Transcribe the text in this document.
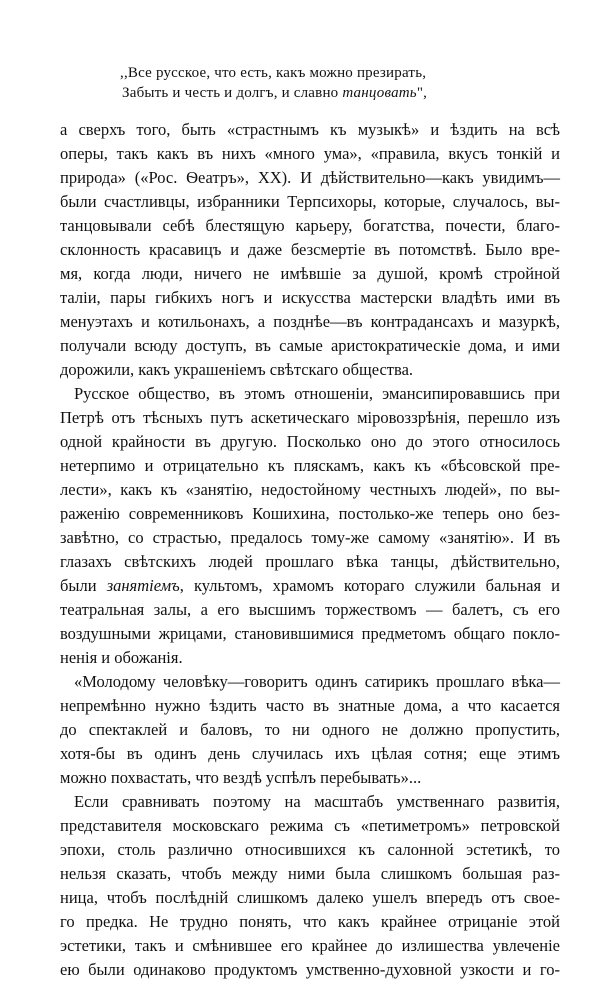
,,Все русское, что есть, какъ можно презирать,
Забыть и честь и долгъ, и славно танцовать",
а сверхъ того, быть «страстнымъ къ музыкѣ» и ѣздить на всѣ
оперы, такъ какъ въ нихъ «много ума», «правила, вкусъ тонкій и
природа» («Рос. Ѳеатръ», XX). И дѣйствительно—какъ увидимъ—
были счастливцы, избранники Терпсихоры, которые, случалось, вы-
танцовывали себѣ блестящую карьеру, богатства, почести, благо-
склонность красавицъ и даже безсмертіе въ потомствѣ. Было вре-
мя, когда люди, ничего не имѣвшіе за душой, кромѣ стройной
таліи, пары гибкихъ ногъ и искусства мастерски владѣть ими въ
менуэтахъ и котильонахъ, а позднѣе—въ контрадансахъ и мазуркѣ,
получали всюду доступъ, въ самые аристократическіе дома, и ими
дорожили, какъ украшеніемъ свѣтскаго общества.
Русское общество, въ этомъ отношеніи, эмансипировавшись при
Петрѣ отъ тѣсныхъ путъ аскетическаго міровоззрѣнія, перешло изъ
одной крайности въ другую. Посколько оно до этого относилось
нетерпимо и отрицательно къ пляскамъ, какъ къ «бѣсовской пре-
лести», какъ къ «занятію, недостойному честныхъ людей», по вы-
раженію современниковъ Кошихина, постолько-же теперь оно без-
завѣтно, со страстью, предалось тому-же самому «занятію». И въ
глазахъ свѣтскихъ людей прошлаго вѣка танцы, дѣйствительно,
были занятіемъ, культомъ, храмомъ котораго служили бальная и
театральная залы, а его высшимъ торжествомъ — балетъ, съ его
воздушными жрицами, становившимися предметомъ общаго покло-
ненія и обожанія.
«Молодому человѣку—говоритъ одинъ сатирикъ прошлаго вѣка—
непремѣнно нужно ѣздить часто въ знатные дома, а что касается
до спектаклей и баловъ, то ни одного не должно пропустить,
хотя-бы въ одинъ день случилась ихъ цѣлая сотня; еще этимъ
можно похвастать, что вездѣ успѣлъ перебывать»...
Если сравнивать поэтому на масштабъ умственнаго развитія,
представителя московскаго режима съ «петиметромъ» петровской
эпохи, столь различно относившихся къ салонной эстетикѣ, то
нельзя сказать, чтобъ между ними была слишкомъ большая раз-
ница, чтобъ послѣдній слишкомъ далеко ушелъ впередъ отъ свое-
го предка. Не трудно понять, что какъ крайнее отрицаніе этой
эстетики, такъ и смѣнившее его крайнее до излишества увлеченіе
ею были одинаково продуктомъ умственно-духовной узкости и го-
